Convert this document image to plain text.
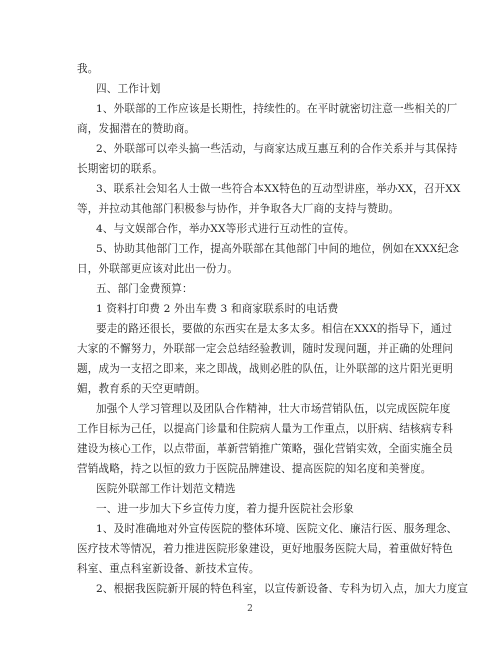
我。
四、工作计划
1、外联部的工作应该是长期性，持续性的。在平时就密切注意一些相关的厂
商，发掘潜在的赞助商。
2、外联部可以牵头搞一些活动，与商家达成互惠互利的合作关系并与其保持
长期密切的联系。
3、联系社会知名人士做一些符合本XX特色的互动型讲座，举办XX，召开XX
等，并拉动其他部门积极参与协作，并争取各大厂商的支持与赞助。
4、与文娱部合作，举办XX等形式进行互动性的宣传。
5、协助其他部门工作，提高外联部在其他部门中间的地位，例如在XXX纪念
日，外联部更应该对此出一份力。
五、部门金费预算：
1 资料打印费 2 外出车费 3 和商家联系时的电话费
要走的路还很长，要做的东西实在是太多太多。相信在XXX的指导下，通过
大家的不懈努力，外联部一定会总结经验教训，随时发现问题，并正确的处理问
题，成为一支招之即来，来之即战，战则必胜的队伍，让外联部的这片阳光更明
媚，教育系的天空更晴朗。
加强个人学习管理以及团队合作精神，壮大市场营销队伍，以完成医院年度
工作目标为己任，以提高门诊量和住院病人量为工作重点，以肝病、结核病专科
建设为核心工作，以点带面，革新营销推广策略，强化营销实效，全面实施全员
营销战略，持之以恒的致力于医院品牌建设、提高医院的知名度和美誉度。
医院外联部工作计划范文精选
一、进一步加大下乡宣传力度，着力提升医院社会形象
1、及时准确地对外宣传医院的整体环境、医院文化、廉洁行医、服务理念、
医疗技术等情况，着力推进医院形象建设，更好地服务医院大局，着重做好特色
科室、重点科室新设备、新技术宣传。
2、根据我医院新开展的特色科室，以宣传新设备、专科为切入点，加大力度宣
2
